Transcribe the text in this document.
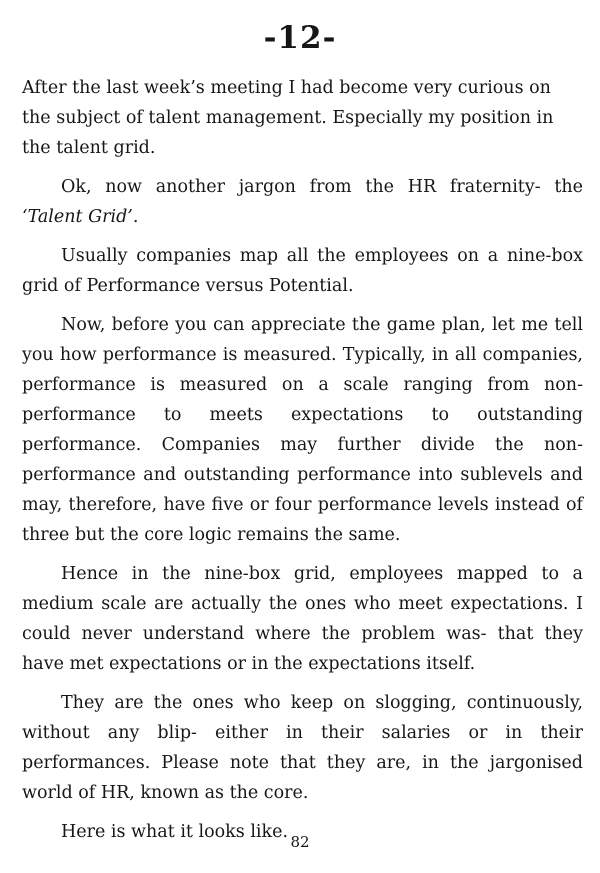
-12-

After the last week’s meeting I had become very curious on the subject of talent management. Especially my position in the talent grid.

Ok, now another jargon from the HR fraternity- the ‘Talent Grid’.

Usually companies map all the employees on a nine-box grid of Performance versus Potential.

Now, before you can appreciate the game plan, let me tell you how performance is measured. Typically, in all companies, performance is measured on a scale ranging from non-performance to meets expectations to outstanding performance. Companies may further divide the non-performance and outstanding performance into sublevels and may, therefore, have five or four performance levels instead of three but the core logic remains the same.

Hence in the nine-box grid, employees mapped to a medium scale are actually the ones who meet expectations. I could never understand where the problem was- that they have met expectations or in the expectations itself.

They are the ones who keep on slogging, continuously, without any blip- either in their salaries or in their performances. Please note that they are, in the jargonised world of HR, known as the core.

Here is what it looks like. 82
